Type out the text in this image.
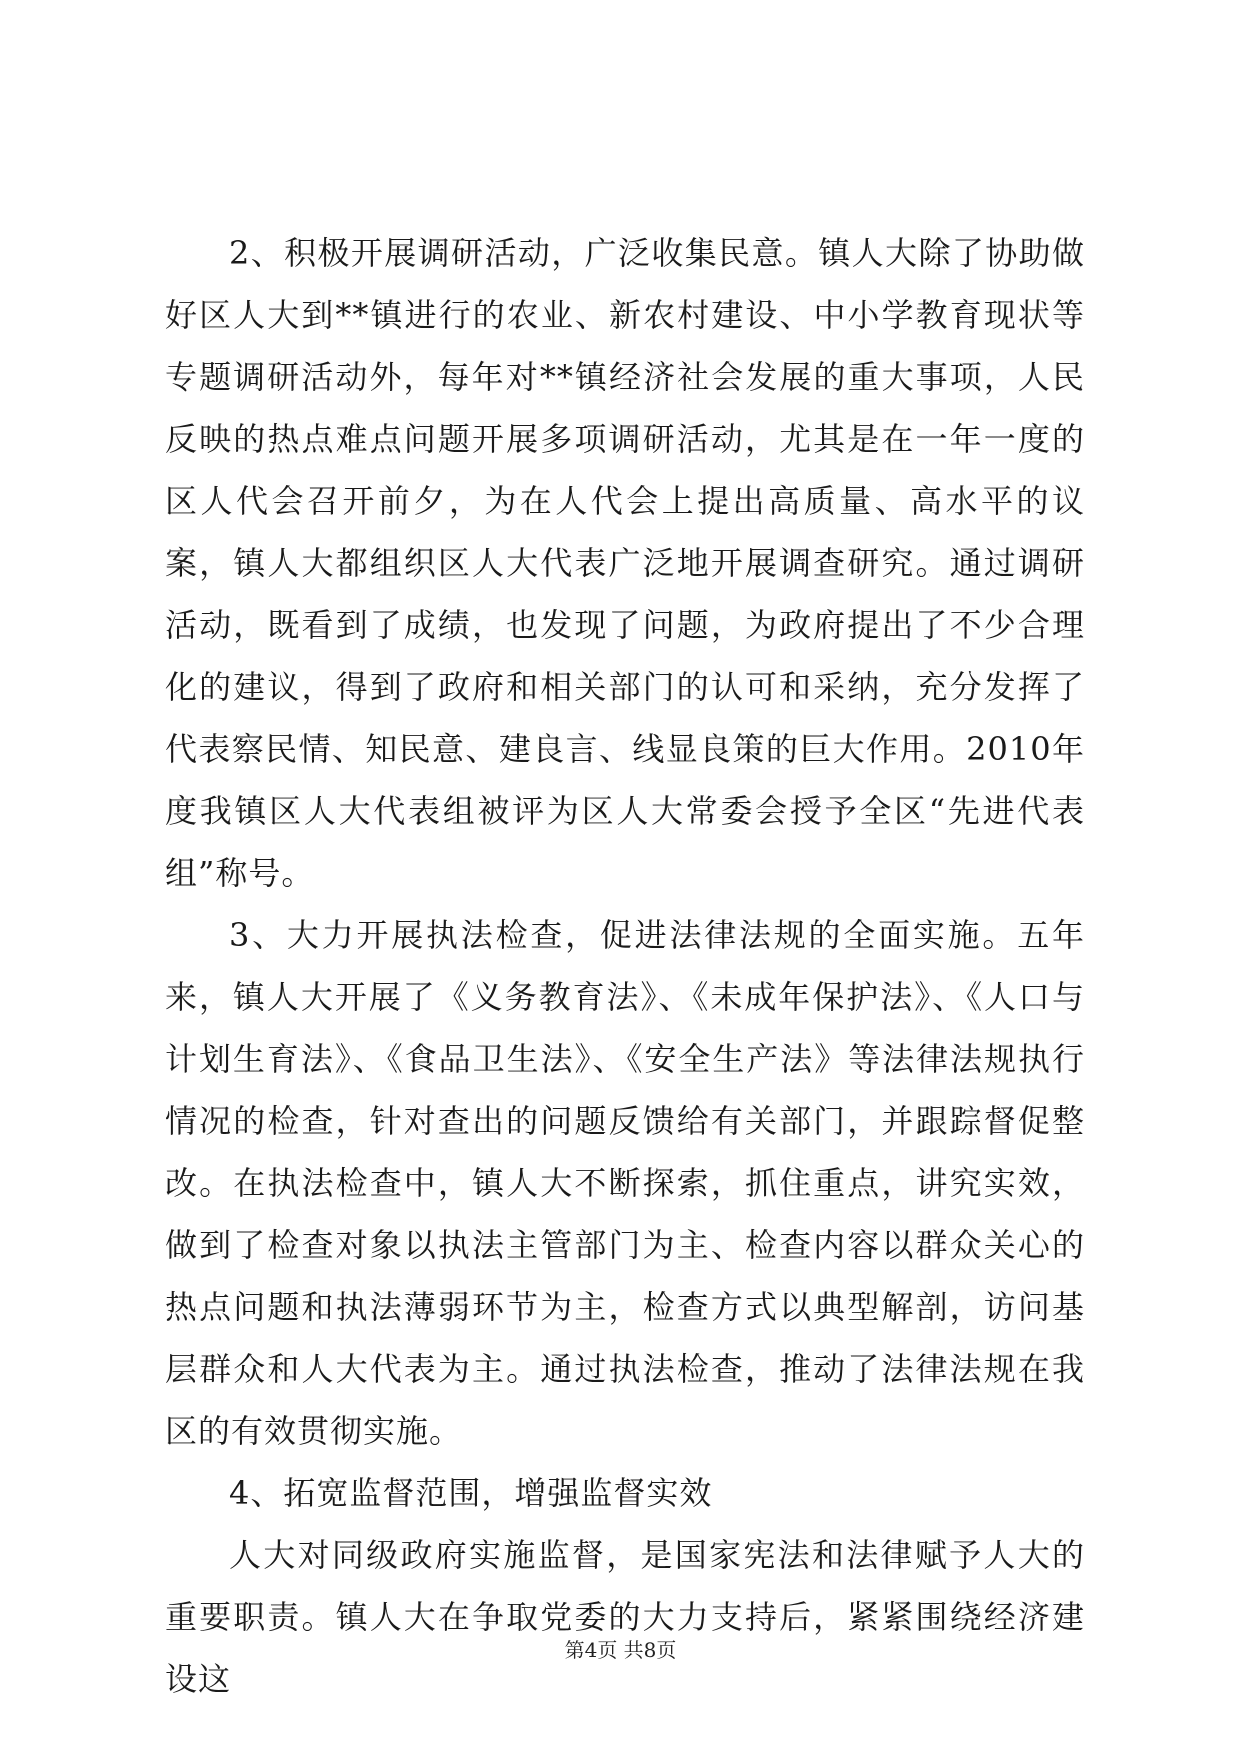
2、积极开展调研活动，广泛收集民意。镇人大除了协助做好区人大到**镇进行的农业、新农村建设、中小学教育现状等专题调研活动外，每年对**镇经济社会发展的重大事项，人民反映的热点难点问题开展多项调研活动，尤其是在一年一度的区人代会召开前夕，为在人代会上提出高质量、高水平的议案，镇人大都组织区人大代表广泛地开展调查研究。通过调研活动，既看到了成绩，也发现了问题，为政府提出了不少合理化的建议，得到了政府和相关部门的认可和采纳，充分发挥了代表察民情、知民意、建良言、线显良策的巨大作用。2010年度我镇区人大代表组被评为区人大常委会授予全区“先进代表组”称号。

3、大力开展执法检查，促进法律法规的全面实施。五年来，镇人大开展了《义务教育法》、《未成年保护法》、《人口与计划生育法》、《食品卫生法》、《安全生产法》等法律法规执行情况的检查，针对查出的问题反馈给有关部门，并跟踪督促整改。在执法检查中，镇人大不断探索，抓住重点，讲究实效，做到了检查对象以执法主管部门为主、检查内容以群众关心的热点问题和执法薄弱环节为主，检查方式以典型解剖，访问基层群众和人大代表为主。通过执法检查，推动了法律法规在我区的有效贯彻实施。

4、拓宽监督范围，增强监督实效

人大对同级政府实施监督，是国家宪法和法律赋予人大的重要职责。镇人大在争取党委的大力支持后，紧紧围绕经济建设这

第4页 共8页
